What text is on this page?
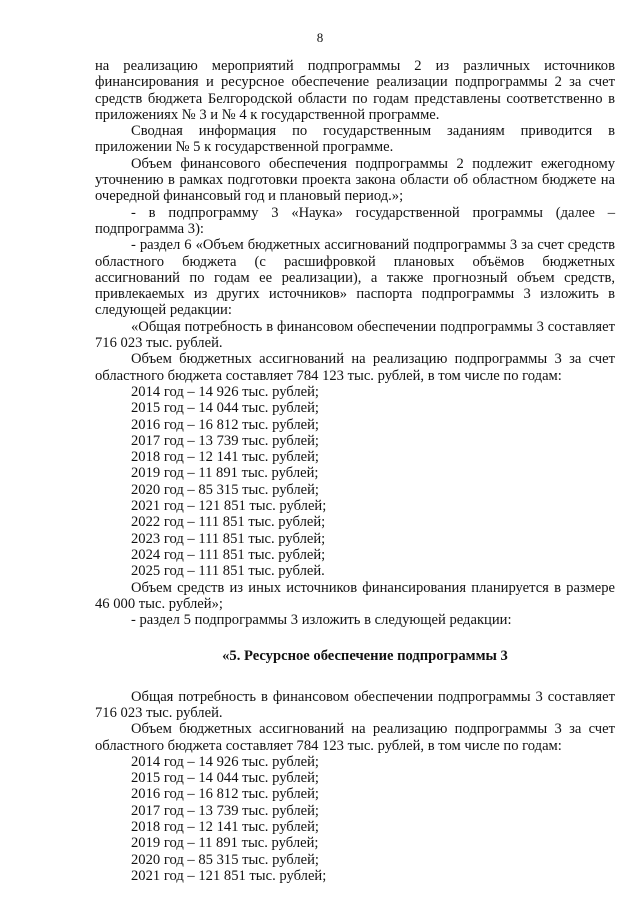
8

на реализацию мероприятий подпрограммы 2 из различных источников финансирования и ресурсное обеспечение реализации подпрограммы 2 за счет средств бюджета Белгородской области по годам представлены соответственно в приложениях № 3 и № 4 к государственной программе.

Сводная информация по государственным заданиям приводится в приложении № 5 к государственной программе.

Объем финансового обеспечения подпрограммы 2 подлежит ежегодному уточнению в рамках подготовки проекта закона области об областном бюджете на очередной финансовый год и плановый период.»;

- в подпрограмму 3 «Наука» государственной программы (далее – подпрограмма 3):

- раздел 6 «Объем бюджетных ассигнований подпрограммы 3 за счет средств областного бюджета (с расшифровкой плановых объёмов бюджетных ассигнований по годам ее реализации), а также прогнозный объем средств, привлекаемых из других источников» паспорта подпрограммы 3 изложить в следующей редакции:

«Общая потребность в финансовом обеспечении подпрограммы 3 составляет 716 023 тыс. рублей.

Объем бюджетных ассигнований на реализацию подпрограммы 3 за счет областного бюджета составляет 784 123 тыс. рублей, в том числе по годам:

2014 год – 14 926 тыс. рублей;

2015 год – 14 044 тыс. рублей;

2016 год – 16 812 тыс. рублей;

2017 год – 13 739 тыс. рублей;

2018 год – 12 141 тыс. рублей;

2019 год – 11 891 тыс. рублей;

2020 год – 85 315 тыс. рублей;

2021 год – 121 851 тыс. рублей;

2022 год – 111 851 тыс. рублей;

2023 год – 111 851 тыс. рублей;

2024 год – 111 851 тыс. рублей;

2025 год – 111 851 тыс. рублей.

Объем средств из иных источников финансирования планируется в размере 46 000 тыс. рублей»;

- раздел 5 подпрограммы 3 изложить в следующей редакции:

«5. Ресурсное обеспечение подпрограммы 3

Общая потребность в финансовом обеспечении подпрограммы 3 составляет 716 023 тыс. рублей.

Объем бюджетных ассигнований на реализацию подпрограммы 3 за счет областного бюджета составляет 784 123 тыс. рублей, в том числе по годам:

2014 год – 14 926 тыс. рублей;

2015 год – 14 044 тыс. рублей;

2016 год – 16 812 тыс. рублей;

2017 год – 13 739 тыс. рублей;

2018 год – 12 141 тыс. рублей;

2019 год – 11 891 тыс. рублей;

2020 год – 85 315 тыс. рублей;

2021 год – 121 851 тыс. рублей;
